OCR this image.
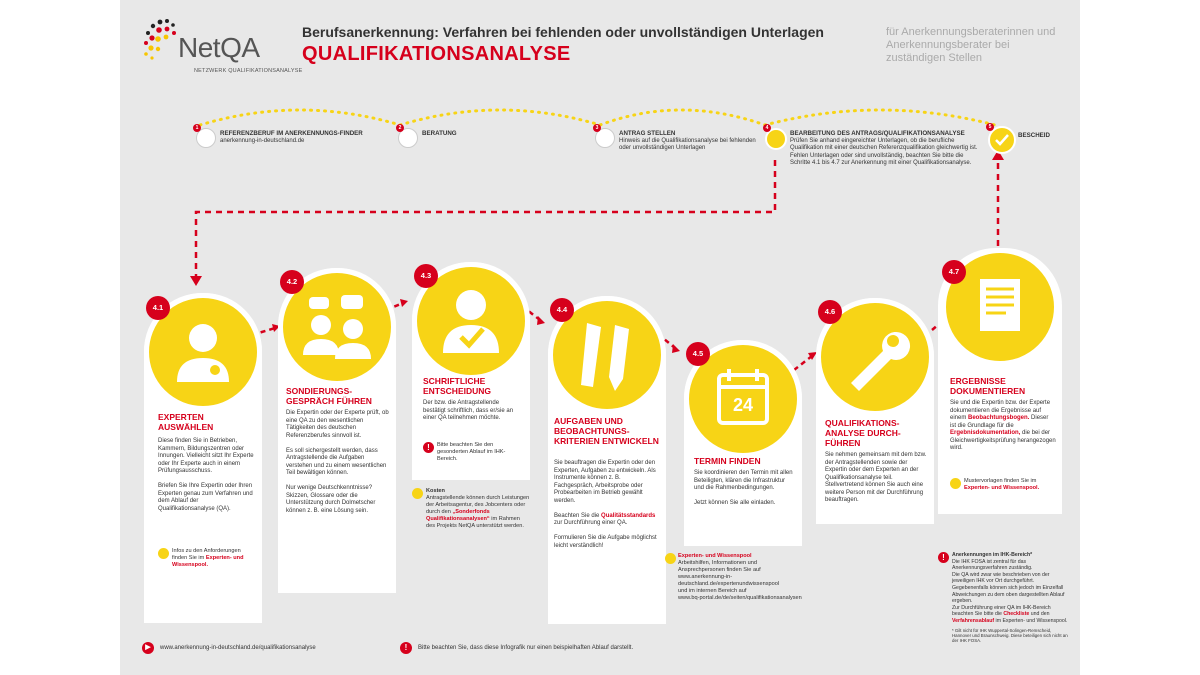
NetQA
NETZWERK QUALIFIKATIONSANALYSE
Berufsanerkennung: Verfahren bei fehlenden oder unvollständigen Unterlagen
QUALIFIKATIONSANALYSE
für Anerkennungsberaterinnen und Anerkennungsberater bei zuständigen Stellen
1
REFERENZBERUF IM ANERKENNUNGS-FINDER
anerkennung-in-deutschland.de
2
BERATUNG
3
ANTRAG STELLEN
Hinweis auf die Qualifikationsanalyse bei fehlenden oder unvollständigen Unterlagen
4
BEARBEITUNG DES ANTRAGS/QUALIFIKATIONSANALYSE
Prüfen Sie anhand eingereichter Unterlagen, ob die berufliche Qualifikation mit einer deutschen Referenzqualifikation gleichwertig ist.
Fehlen Unterlagen oder sind unvollständig, beachten Sie bitte die Schritte 4.1 bis 4.7 zur Anerkennung mit einer Qualifikationsanalyse.
5
BESCHEID
4.1
EXPERTEN AUSWÄHLEN
Diese finden Sie in Betrieben, Kammern, Bildungszentren oder Innungen. Vielleicht sitzt Ihr Experte oder Ihr Experte auch in einem Prüfungsausschuss.

Briefen Sie Ihre Expertin oder Ihren Experten genau zum Verfahren und dem Ablauf der Qualifikationsanalyse (QA).
Infos zu den Anforderungen finden Sie im Experten- und Wissenspool.
4.2
SONDIERUNGS-GESPRÄCH FÜHREN
Die Expertin oder der Experte prüft, ob eine QA zu den wesentlichen Tätigkeiten des deutschen Referenzberufes sinnvoll ist.

Es soll sichergestellt werden, dass Antragstellende die Aufgaben verstehen und zu einem wesentlichen Teil bewältigen können.

Nur wenige Deutschkenntnisse? Skizzen, Glossare oder die Unterstützung durch Dolmetscher können z. B. eine Lösung sein.
4.3
SCHRIFTLICHE ENTSCHEIDUNG
Der bzw. die Antragstellende bestätigt schriftlich, dass er/sie an einer QA teilnehmen möchte.
!	Bitte beachten Sie den gesonderten Ablauf im IHK-Bereich.
Kosten
Antragstellende können durch Leistungen der Arbeitsagentur, des Jobcenters oder durch den „Sonderfonds Qualifikationsanalysen“ im Rahmen des Projekts NetQA unterstützt werden.
4.4
AUFGABEN UND BEOBACHTUNGS-KRITERIEN ENTWICKELN
Sie beauftragen die Expertin oder den Experten, Aufgaben zu entwickeln. Als Instrumente können z. B. Fachgespräch, Arbeitsprobe oder Probearbeiten im Betrieb gewählt werden.

Beachten Sie die Qualitätsstandards zur Durchführung einer QA.

Formulieren Sie die Aufgabe möglichst leicht verständlich!
24
4.5
TERMIN FINDEN
Sie koordinieren den Termin mit allen Beteiligten, klären die Infrastruktur und die Rahmenbedingungen.

Jetzt können Sie alle einladen.
Experten- und Wissenspool
Arbeitshilfen, Informationen und Ansprechpersonen finden Sie auf
www.anerkennung-in-deutschland.de/expertenundwissenspool
und im internen Bereich auf
www.bq-portal.de/de/seiten/qualifikationsanalysen
4.6
QUALIFIKATIONS-ANALYSE DURCH-FÜHREN
Sie nehmen gemeinsam mit dem bzw. der Antragstellenden sowie der Expertin oder dem Experten an der Qualifikationsanalyse teil. Stellvertretend können Sie auch eine weitere Person mit der Durchführung beauftragen.
4.7
ERGEBNISSE DOKUMENTIEREN
Sie und die Expertin bzw. der Experte dokumentieren die Ergebnisse auf einem Beobachtungsbogen. Dieser ist die Grundlage für die Ergebnisdokumentation, die bei der Gleichwertigkeitsprüfung herangezogen wird.
Mustervorlagen finden Sie im Experten- und Wissenspool.
!	Anerkennungen im IHK-Bereich*
Die IHK FOSA ist zentral für das Anerkennungsverfahren zuständig.
Die QA wird zwar wie beschrieben von der jeweiligen IHK vor Ort durchgeführt. Gegebenenfalls können sich jedoch im Einzelfall Abweichungen zu dem oben dargestellten Ablauf ergeben.
Zur Durchführung einer QA im IHK-Bereich beachten Sie bitte die Checkliste und den Verfahrensablauf im Experten- und Wissenspool.

* Gilt nicht für IHK Wuppertal-Solingen-Remscheid, Hannover und Braunschweig. Diese beteiligen sich nicht an der IHK FOSA.
▶	www.anerkennung-in-deutschland.de/qualifikationsanalyse	!	Bitte beachten Sie, dass diese Infografik nur einen beispielhaften Ablauf darstellt.
